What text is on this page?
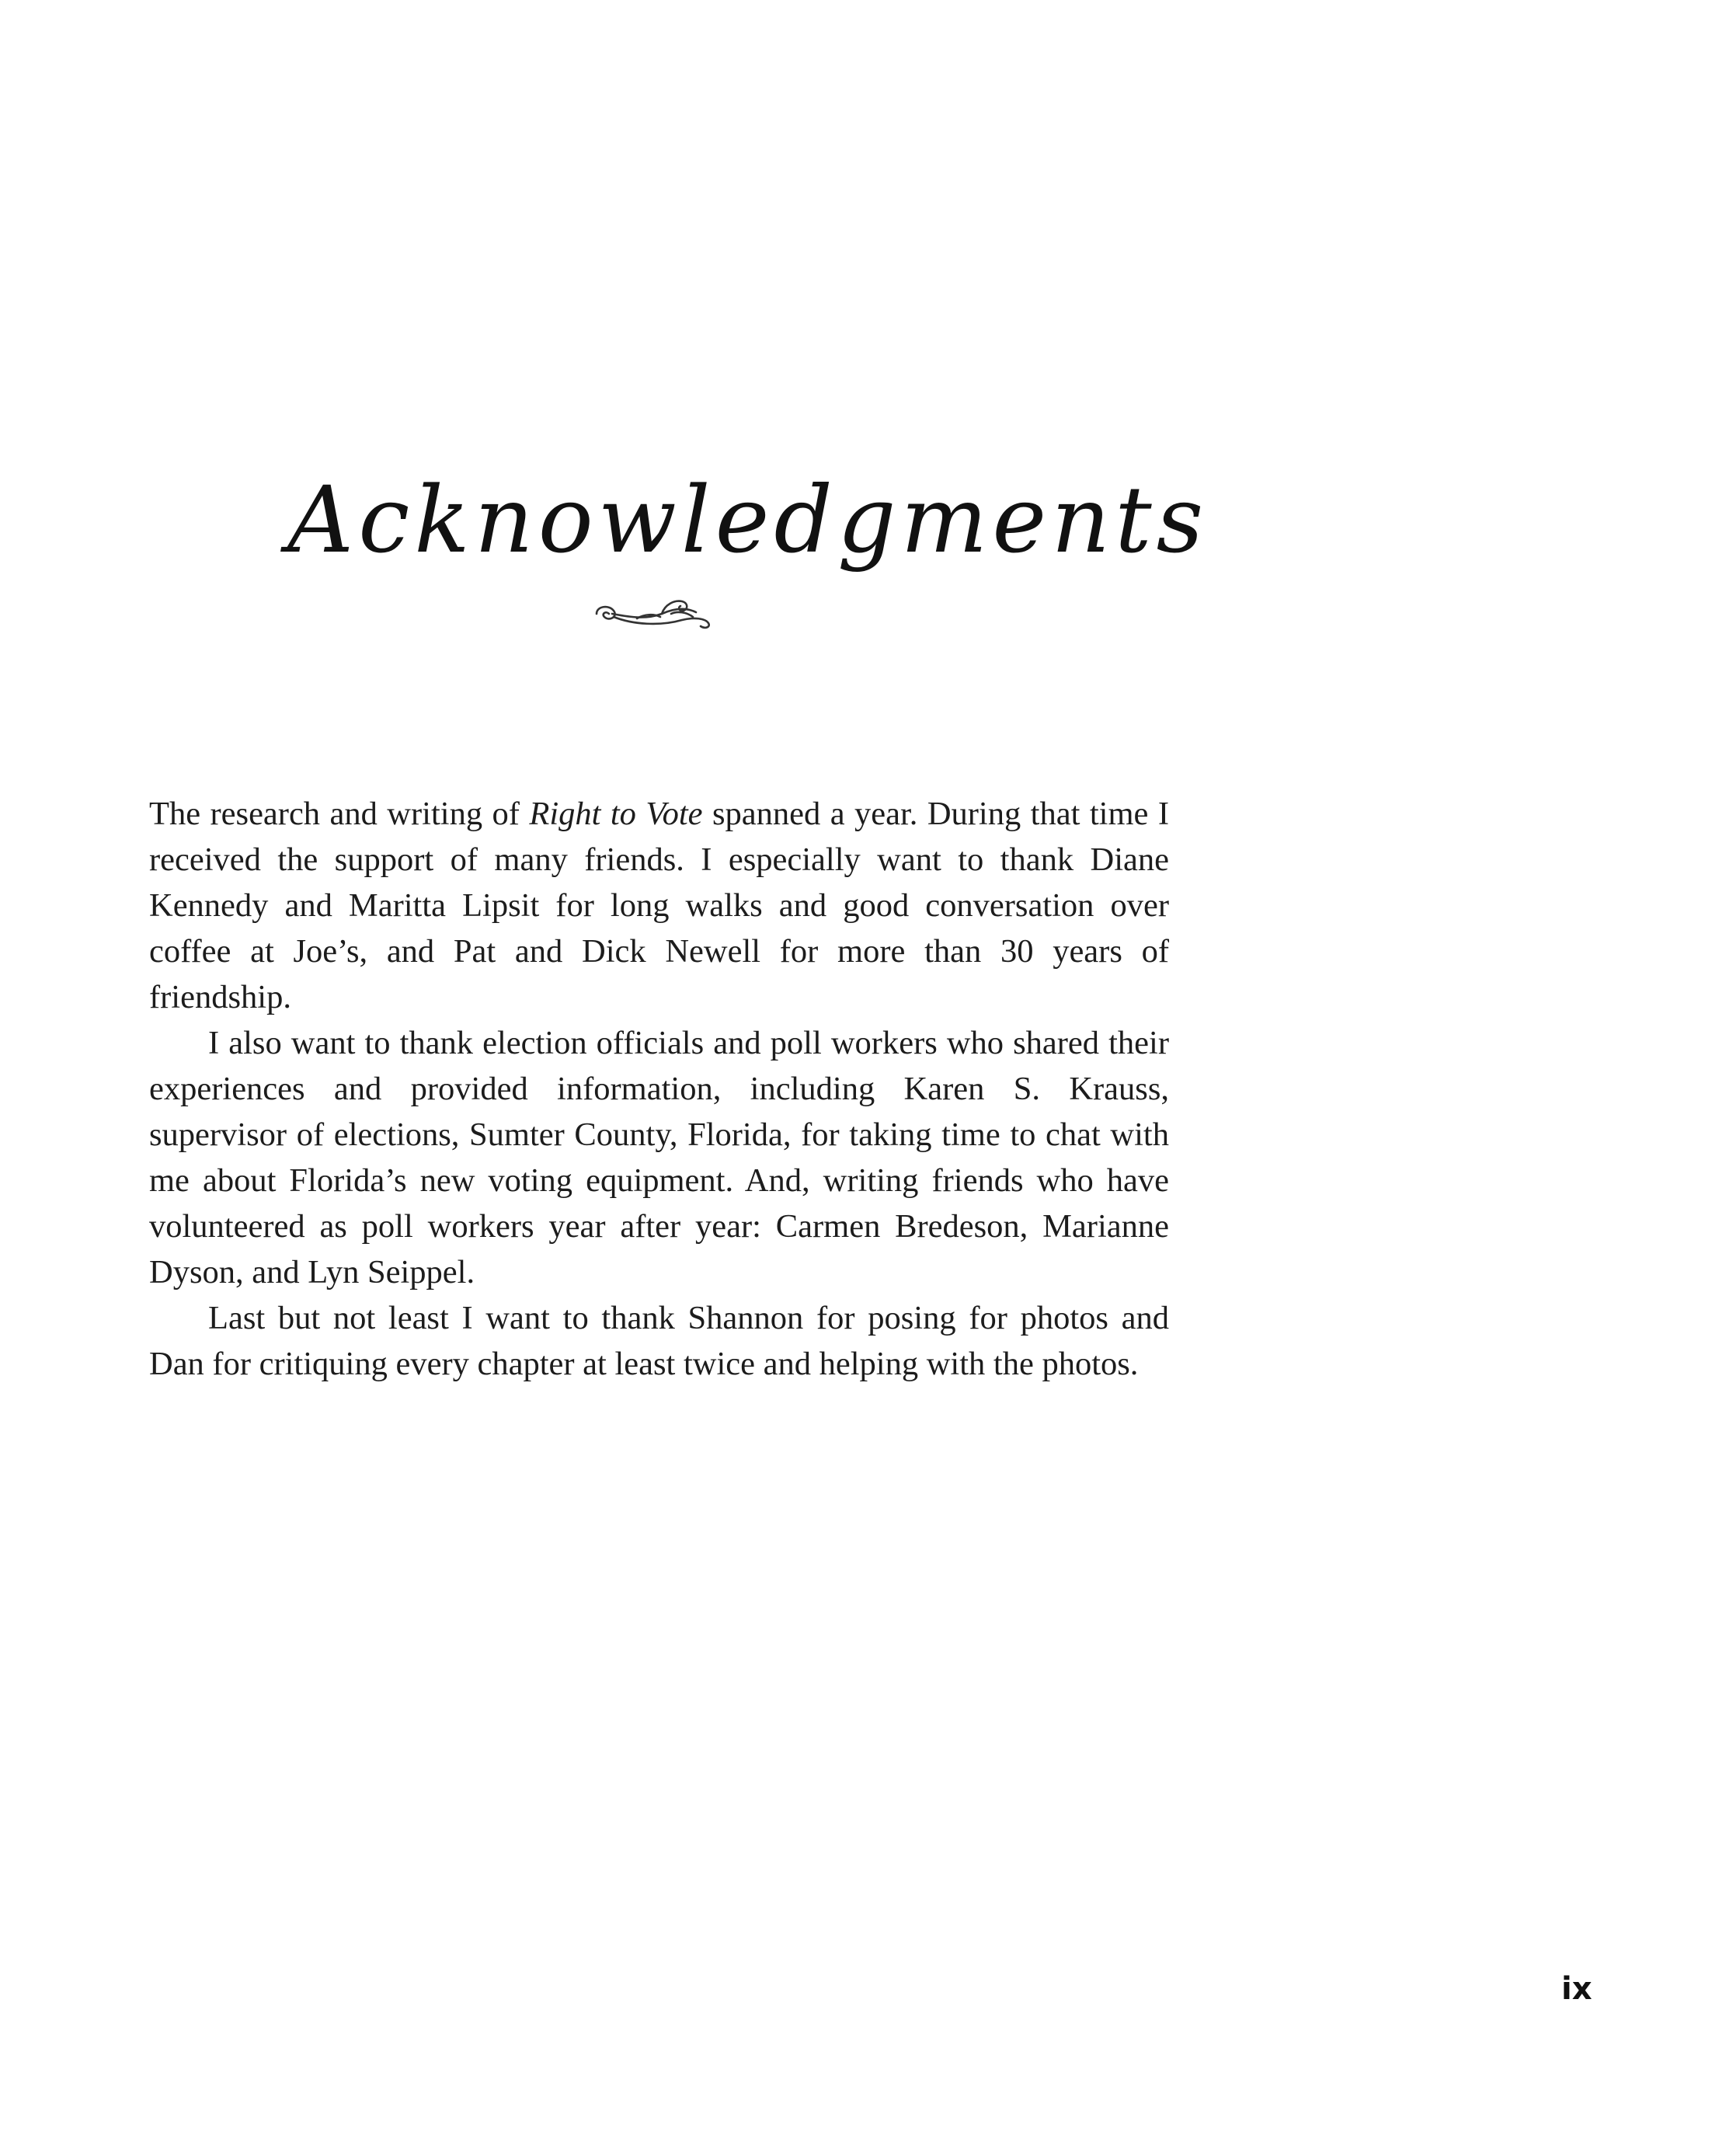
Acknowledgments

The research and writing of Right to Vote spanned a year. During that time I received the support of many friends. I especially want to thank Diane Kennedy and Maritta Lipsit for long walks and good conversation over coffee at Joe’s, and Pat and Dick Newell for more than 30 years of friendship.

I also want to thank election officials and poll workers who shared their experiences and provided information, including Karen S. Krauss, supervisor of elections, Sumter County, Florida, for taking time to chat with me about Florida’s new voting equipment. And, writing friends who have volunteered as poll workers year after year: Carmen Bredeson, Marianne Dyson, and Lyn Seippel.

Last but not least I want to thank Shannon for posing for photos and Dan for critiquing every chapter at least twice and helping with the photos.

ix
